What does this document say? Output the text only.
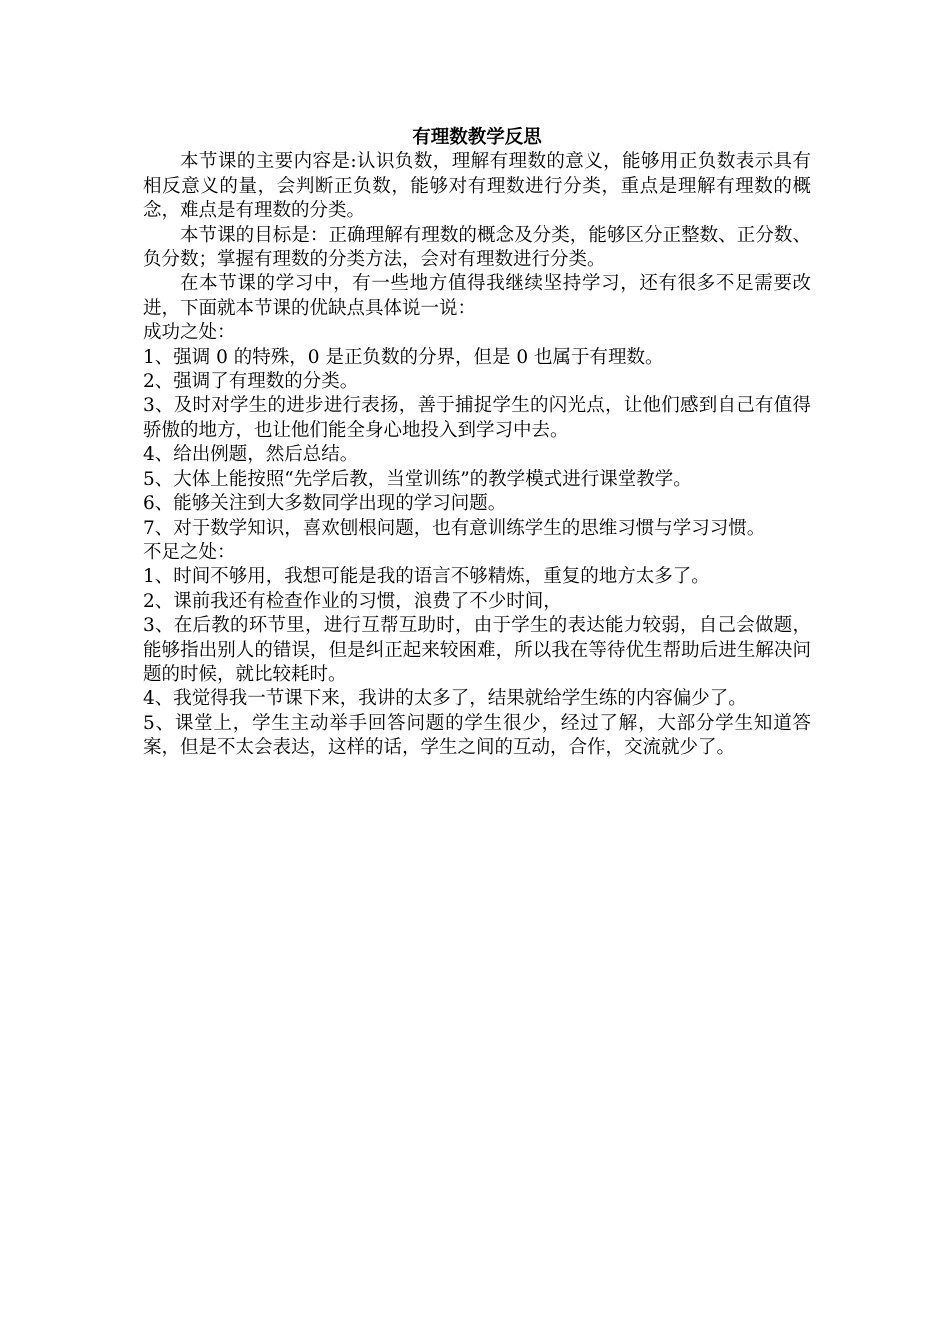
有理数教学反思

本节课的主要内容是:认识负数，理解有理数的意义，能够用正负数表示具有相反意义的量，会判断正负数，能够对有理数进行分类，重点是理解有理数的概念，难点是有理数的分类。

本节课的目标是：正确理解有理数的概念及分类，能够区分正整数、正分数、负分数；掌握有理数的分类方法，会对有理数进行分类。

在本节课的学习中，有一些地方值得我继续坚持学习，还有很多不足需要改进，下面就本节课的优缺点具体说一说：

成功之处：

1、强调 0 的特殊，0 是正负数的分界，但是 0 也属于有理数。

2、强调了有理数的分类。

3、及时对学生的进步进行表扬，善于捕捉学生的闪光点，让他们感到自己有值得骄傲的地方，也让他们能全身心地投入到学习中去。

4、给出例题，然后总结。

5、大体上能按照“先学后教，当堂训练”的教学模式进行课堂教学。

6、能够关注到大多数同学出现的学习问题。

7、对于数学知识，喜欢刨根问题，也有意训练学生的思维习惯与学习习惯。

不足之处：

1、时间不够用，我想可能是我的语言不够精炼，重复的地方太多了。

2、课前我还有检查作业的习惯，浪费了不少时间，

3、在后教的环节里，进行互帮互助时，由于学生的表达能力较弱，自己会做题，能够指出别人的错误，但是纠正起来较困难，所以我在等待优生帮助后进生解决问题的时候，就比较耗时。

4、我觉得我一节课下来，我讲的太多了，结果就给学生练的内容偏少了。

5、课堂上，学生主动举手回答问题的学生很少，经过了解，大部分学生知道答案，但是不太会表达，这样的话，学生之间的互动，合作，交流就少了。
